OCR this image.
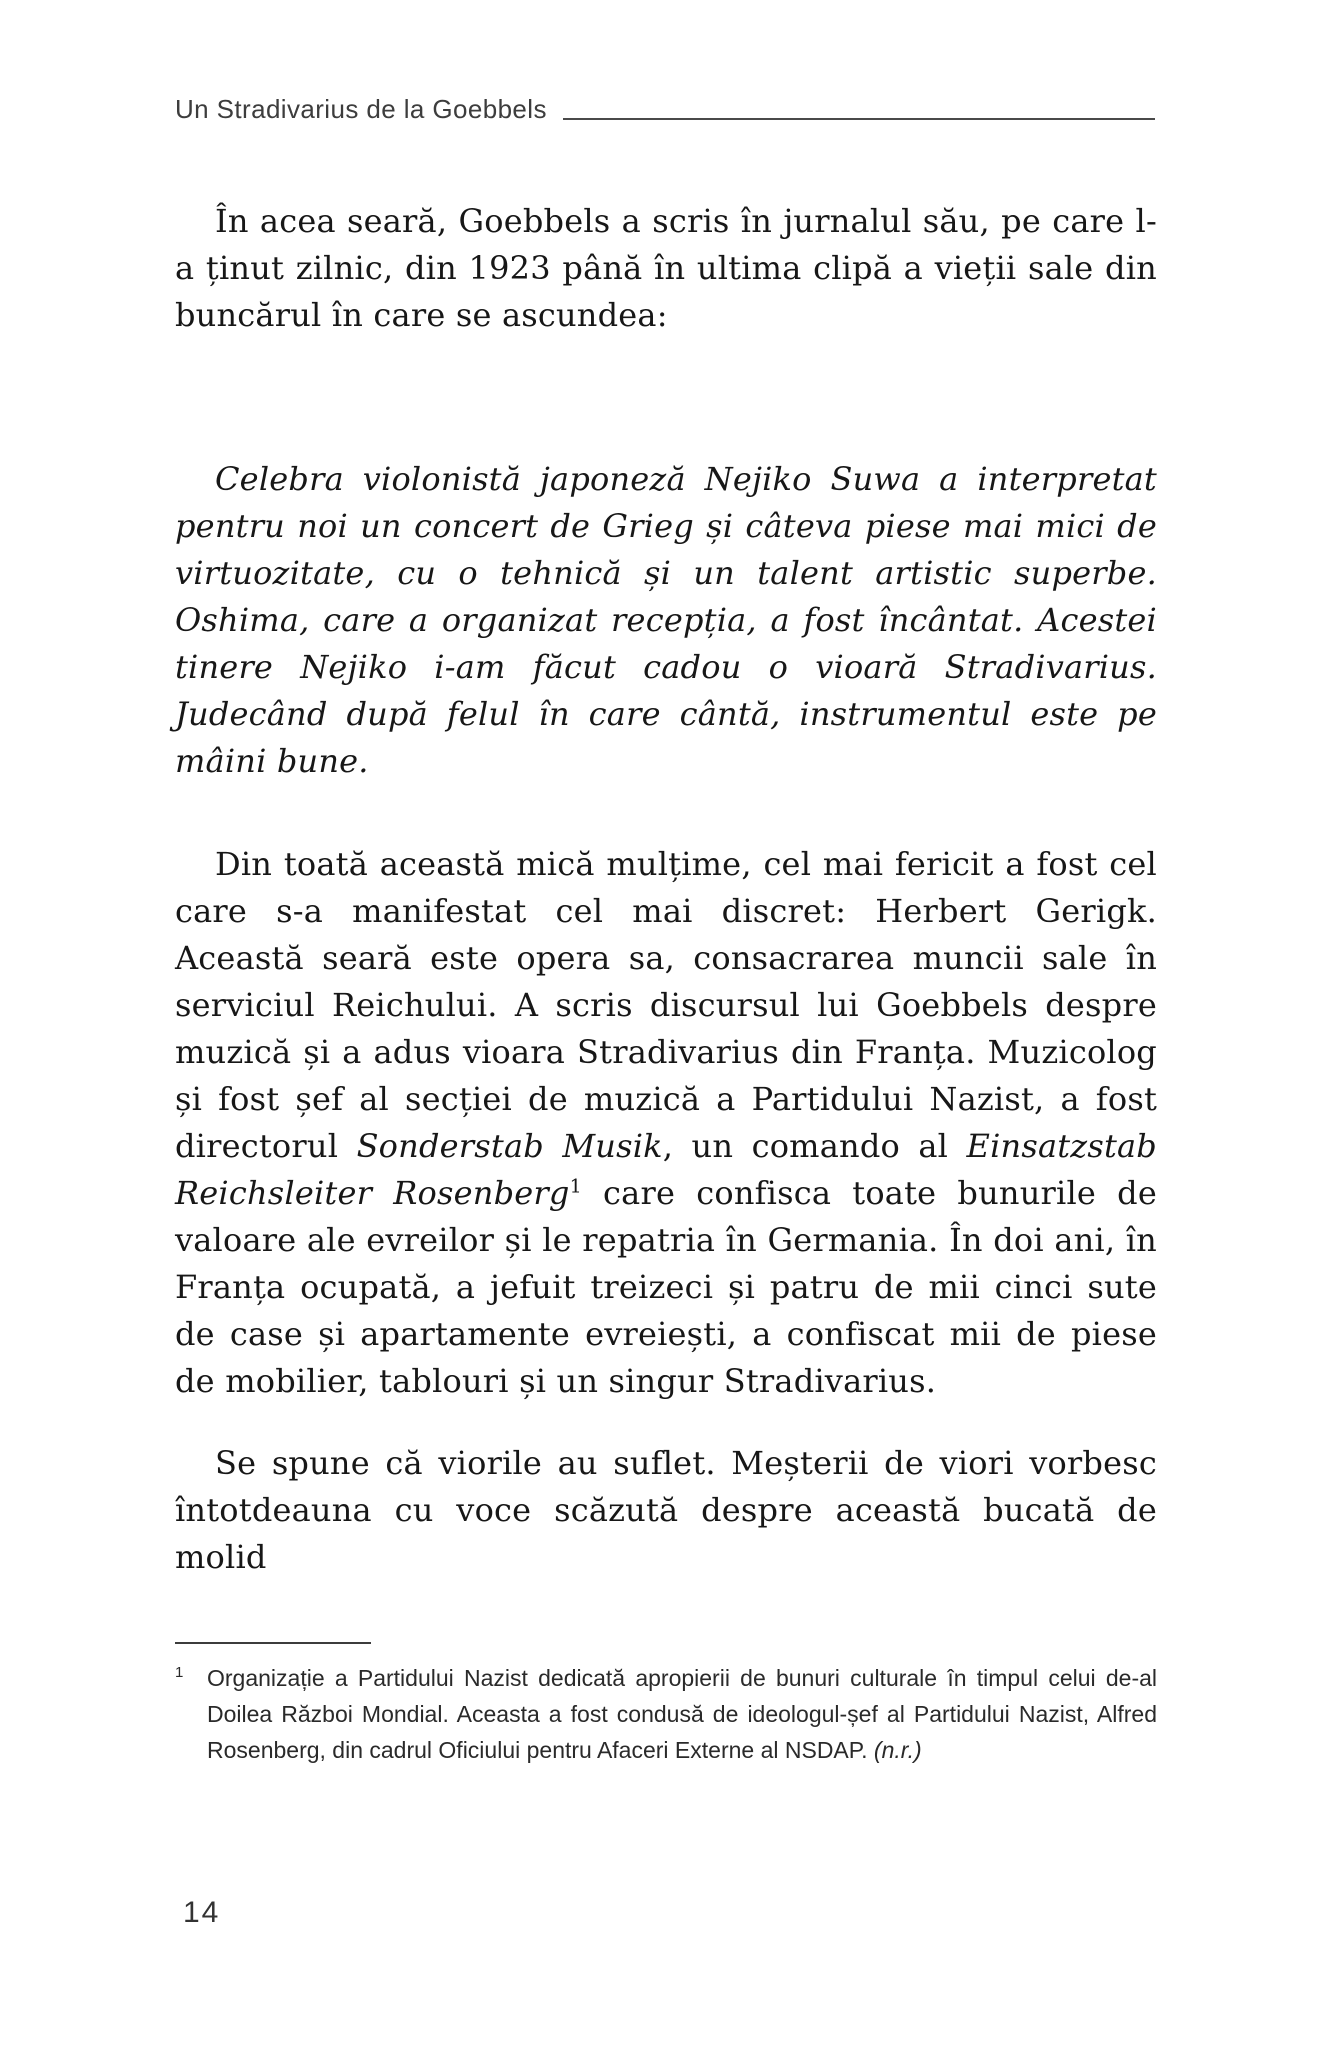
Un Stradivarius de la Goebbels

În acea seară, Goebbels a scris în jurnalul său, pe care l-a ținut zilnic, din 1923 până în ultima clipă a vieții sale din buncărul în care se ascundea:

Celebra violonistă japoneză Nejiko Suwa a interpretat pentru noi un concert de Grieg și câteva piese mai mici de virtuozitate, cu o tehnică și un talent artistic superbe. Oshima, care a organizat recepția, a fost încântat. Acestei tinere Nejiko i-am făcut cadou o vioară Stradivarius. Judecând după felul în care cântă, instrumentul este pe mâini bune.

Din toată această mică mulțime, cel mai fericit a fost cel care s-a manifestat cel mai discret: Herbert Gerigk. Această seară este opera sa, consacrarea muncii sale în serviciul Reichului. A scris discursul lui Goebbels despre muzică și a adus vioara Stradivarius din Franța. Muzicolog și fost șef al secției de muzică a Partidului Nazist, a fost directorul Sonderstab Musik, un comando al Einsatzstab Reichsleiter Rosenberg$^1$ care confisca toate bunurile de valoare ale evreilor și le repatria în Germania. În doi ani, în Franța ocupată, a jefuit treizeci și patru de mii cinci sute de case și apartamente evreiești, a confiscat mii de piese de mobilier, tablouri și un singur Stradivarius.

Se spune că viorile au suflet. Meșterii de viori vorbesc întotdeauna cu voce scăzută despre această bucată de molid

$^1$ Organizație a Partidului Nazist dedicată apropierii de bunuri culturale în timpul celui de-al Doilea Război Mondial. Aceasta a fost condusă de ideologul-șef al Partidului Nazist, Alfred Rosenberg, din cadrul Oficiului pentru Afaceri Externe al NSDAP. (n.r.)
14
